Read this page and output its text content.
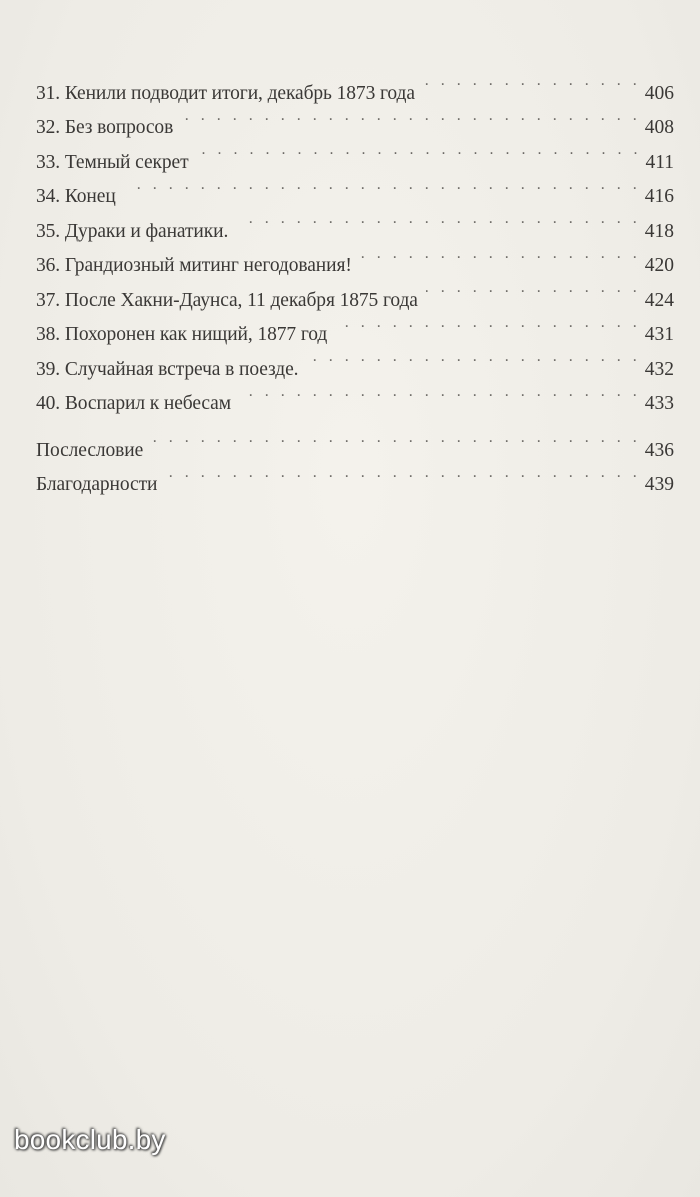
31. Кенили подводит итоги, декабрь 1873 года . . .	406
32. Без вопросов . . .	408
33. Темный секрет . . .	411
34. Конец . . .	416
35. Дураки и фанатики. . . .	418
36. Грандиозный митинг негодования! . . .	420
37. После Хакни-Даунса, 11 декабря 1875 года . . .	424
38. Похоронен как нищий, 1877 год . . .	431
39. Случайная встреча в поезде. . . .	432
40. Воспарил к небесам . . .	433
Послесловие . . .	436
Благодарности . . .	439
bookclub.by
